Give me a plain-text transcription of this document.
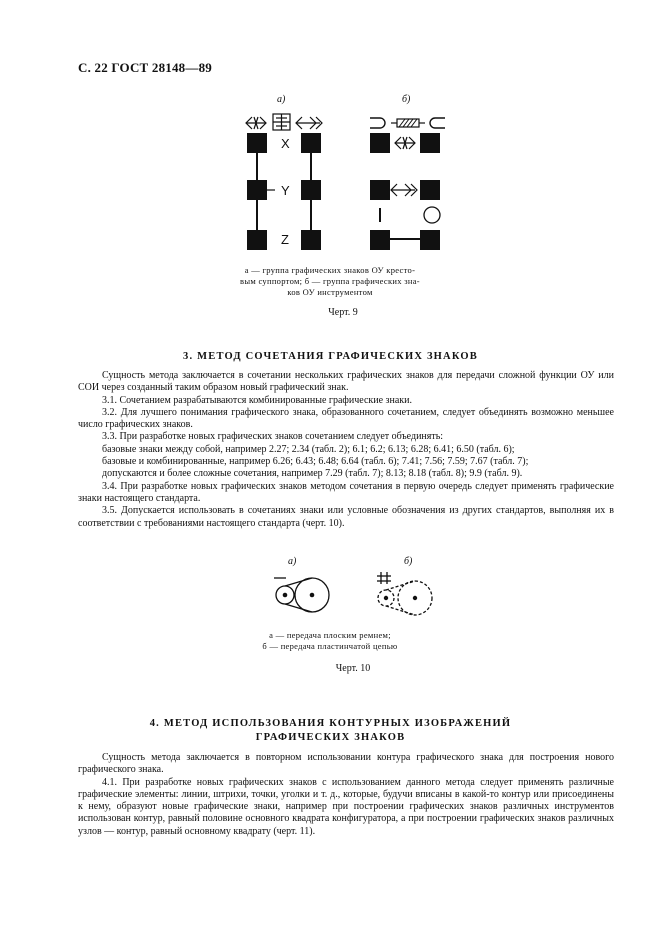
С. 22 ГОСТ 28148—89
а)	б)
X
Y
Z
а — группа графических знаков ОУ кресто-
вым суппортом; б — группа графических зна-
ков ОУ инструментом
Черт. 9
3. МЕТОД СОЧЕТАНИЯ ГРАФИЧЕСКИХ ЗНАКОВ

Сущность метода заключается в сочетании нескольких графических знаков для передачи сложной функции ОУ или СОИ через созданный таким образом новый графический знак.

3.1. Сочетанием разрабатываются комбинированные графические знаки.

3.2. Для лучшего понимания графического знака, образованного сочетанием, следует объединять возможно меньшее число графических знаков.

3.3. При разработке новых графических знаков сочетанием следует объединять:

базовые знаки между собой, например 2.27; 2.34 (табл. 2); 6.1; 6.2; 6.13; 6.28; 6.41; 6.50 (табл. 6);

базовые и комбинированные, например 6.26; 6.43; 6.48; 6.64 (табл. 6); 7.41; 7.56; 7.59; 7.67 (табл. 7);

допускаются и более сложные сочетания, например 7.29 (табл. 7); 8.13; 8.18 (табл. 8); 9.9 (табл. 9).

3.4. При разработке новых графических знаков методом сочетания в первую очередь следует применять графические знаки настоящего стандарта.

3.5. Допускается использовать в сочетаниях знаки или условные обозначения из других стандартов, выполняя их в соответствии с требованиями настоящего стандарта (черт. 10).

а)	б)
а — передача плоским ремнем;
б — передача пластинчатой цепью
Черт. 10
4. МЕТОД ИСПОЛЬЗОВАНИЯ КОНТУРНЫХ ИЗОБРАЖЕНИЙ
ГРАФИЧЕСКИХ ЗНАКОВ

Сущность метода заключается в повторном использовании контура графического знака для построения нового графического знака.

4.1. При разработке новых графических знаков с использованием данного метода следует применять различные графические элементы: линии, штрихи, точки, уголки и т. д., которые, будучи вписаны в какой-то контур или присоединены к нему, образуют новые графические знаки, например при построении графических знаков различных инструментов использован контур, равный половине основного квадрата конфигуратора, а при построении графических знаков различных узлов — контур, равный основному квадрату (черт. 11).
